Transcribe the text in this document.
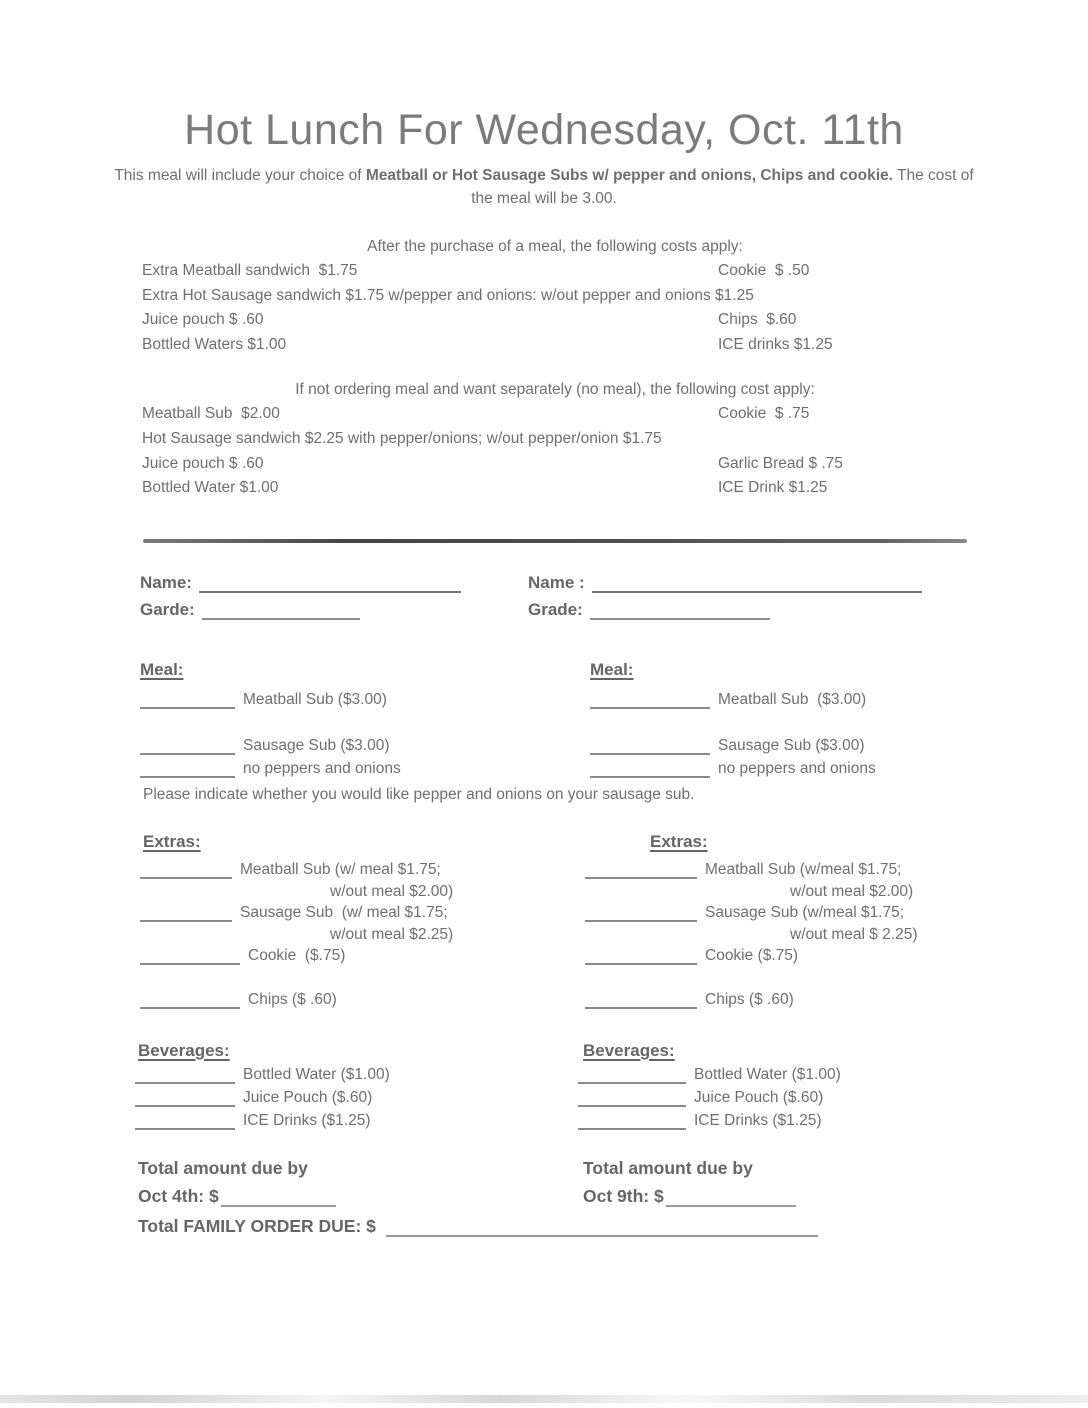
Hot Lunch For Wednesday, Oct. 11th

This meal will include your choice of Meatball or Hot Sausage Subs w/ pepper and onions, Chips and cookie. The cost of the meal will be 3.00.

After the purchase of a meal, the following costs apply:
Extra Meatball sandwich  $1.75	Cookie  $ .50
Extra Hot Sausage sandwich $1.75 w/pepper and onions: w/out pepper and onions $1.25
Juice pouch $ .60	Chips  $.60
Bottled Waters $1.00	ICE drinks $1.25
If not ordering meal and want separately (no meal), the following cost apply:
Meatball Sub  $2.00	Cookie  $ .75
Hot Sausage sandwich $2.25 with pepper/onions; w/out pepper/onion $1.75
Juice pouch $ .60	Garlic Bread $ .75
Bottled Water $1.00	ICE Drink $1.25
Name:
Garde:
Meal:
Meatball Sub ($3.00)
Sausage Sub ($3.00)
no peppers and onions
Name :
Grade:
Meal:
Meatball Sub  ($3.00)
Sausage Sub ($3.00)
no peppers and onions

Please indicate whether you would like pepper and onions on your sausage sub.

Extras:
Meatball Sub (w/ meal $1.75;
w/out meal $2.00)
Sausage Sub  (w/ meal $1.75;
w/out meal $2.25)
Cookie  ($.75)
Chips ($ .60)
Extras:
Meatball Sub (w/meal $1.75;
w/out meal $2.00)
Sausage Sub (w/meal $1.75;
w/out meal $ 2.25)
Cookie ($.75)
Chips ($ .60)
Beverages:
Bottled Water ($1.00)
Juice Pouch ($.60)
ICE Drinks ($1.25)
Total amount due by
Oct 4th: $
Beverages:
Bottled Water ($1.00)
Juice Pouch ($.60)
ICE Drinks ($1.25)
Total amount due by
Oct 9th: $
Total FAMILY ORDER DUE: $
